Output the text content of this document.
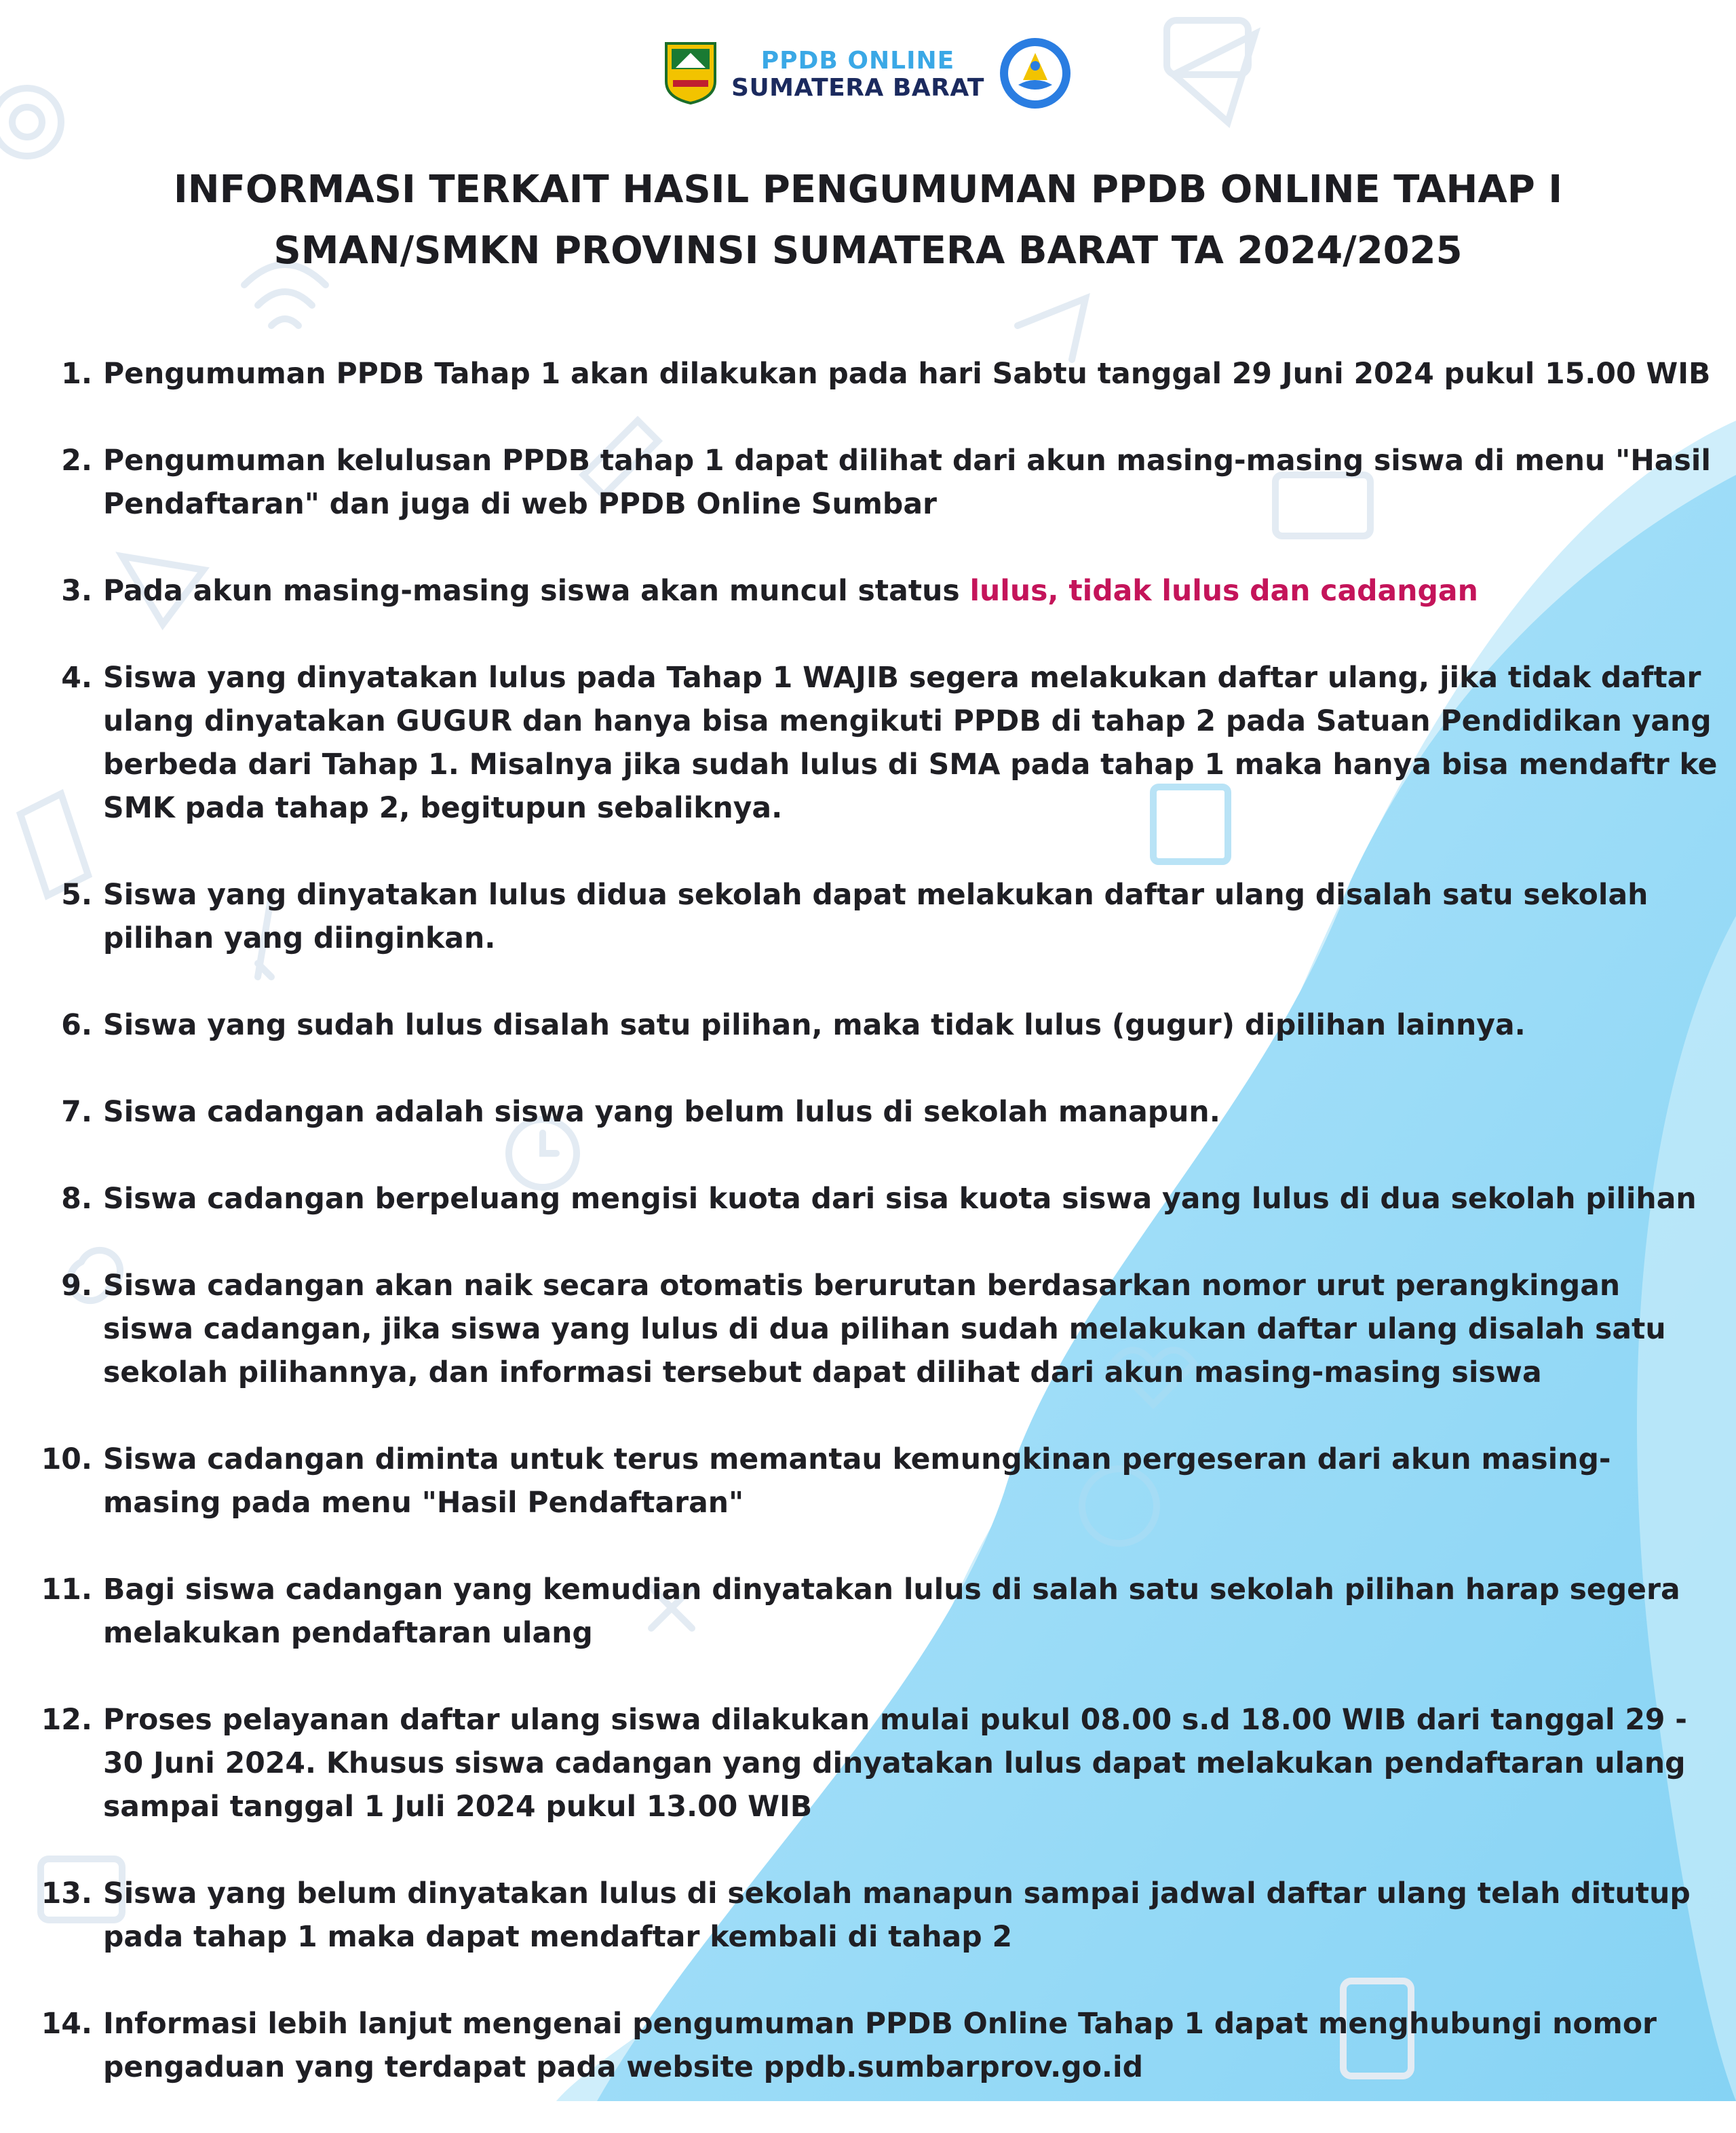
PPDB ONLINE
SUMATERA BARAT
INFORMASI TERKAIT HASIL PENGUMUMAN PPDB ONLINE TAHAP I
SMAN/SMKN PROVINSI SUMATERA BARAT TA 2024/2025
1. Pengumuman PPDB Tahap 1 akan dilakukan pada hari Sabtu tanggal 29 Juni 2024 pukul 15.00 WIB
2. Pengumuman kelulusan PPDB tahap 1 dapat dilihat dari akun masing-masing siswa di menu "Hasil
Pendaftaran" dan juga di web PPDB Online Sumbar
3. Pada akun masing-masing siswa akan muncul status lulus, tidak lulus dan cadangan
4. Siswa yang dinyatakan lulus pada Tahap 1 WAJIB segera melakukan daftar ulang, jika tidak daftar
ulang dinyatakan GUGUR dan hanya bisa mengikuti PPDB di tahap 2 pada Satuan Pendidikan yang
berbeda dari Tahap 1. Misalnya jika sudah lulus di SMA pada tahap 1 maka hanya bisa mendaftr ke
SMK pada tahap 2, begitupun sebaliknya.
5. Siswa yang dinyatakan lulus didua sekolah dapat melakukan daftar ulang disalah satu sekolah
pilihan yang diinginkan.
6. Siswa yang sudah lulus disalah satu pilihan, maka tidak lulus (gugur) dipilihan lainnya.
7. Siswa cadangan adalah siswa yang belum lulus di sekolah manapun.
8. Siswa cadangan berpeluang mengisi kuota dari sisa kuota siswa yang lulus di dua sekolah pilihan
9. Siswa cadangan akan naik secara otomatis berurutan berdasarkan nomor urut perangkingan
siswa cadangan, jika siswa yang lulus di dua pilihan sudah melakukan daftar ulang disalah satu
sekolah pilihannya, dan informasi tersebut dapat dilihat dari akun masing-masing siswa
10. Siswa cadangan diminta untuk terus memantau kemungkinan pergeseran dari akun masing-
masing pada menu "Hasil Pendaftaran"
11. Bagi siswa cadangan yang kemudian dinyatakan lulus di salah satu sekolah pilihan harap segera
melakukan pendaftaran ulang
12. Proses pelayanan daftar ulang siswa dilakukan mulai pukul 08.00 s.d 18.00 WIB dari tanggal 29 -
30 Juni 2024. Khusus siswa cadangan yang dinyatakan lulus dapat melakukan pendaftaran ulang
sampai tanggal 1 Juli 2024 pukul 13.00 WIB
13. Siswa yang belum dinyatakan lulus di sekolah manapun sampai jadwal daftar ulang telah ditutup
pada tahap 1 maka dapat mendaftar kembali di tahap 2
14. Informasi lebih lanjut mengenai pengumuman PPDB Online Tahap 1 dapat menghubungi nomor
pengaduan yang terdapat pada website ppdb.sumbarprov.go.id
